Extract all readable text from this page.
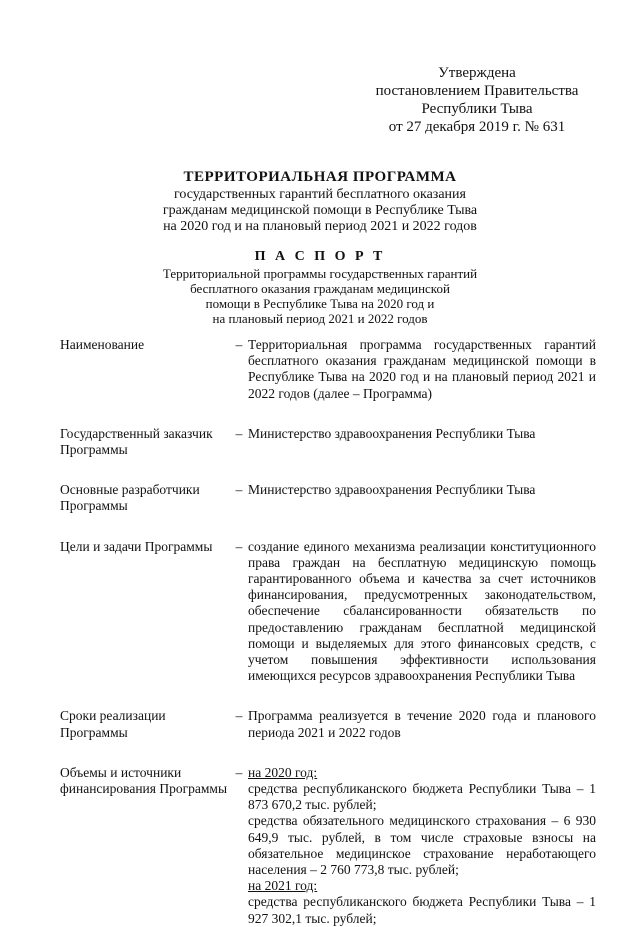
Утверждена
постановлением Правительства
Республики Тыва
от 27 декабря 2019 г. № 631
ТЕРРИТОРИАЛЬНАЯ ПРОГРАММА
государственных гарантий бесплатного оказания
гражданам медицинской помощи в Республике Тыва
на 2020 год и на плановый период 2021 и 2022 годов
П А С П О Р Т
Территориальной программы государственных гарантий
бесплатного оказания гражданам медицинской
помощи в Республике Тыва на 2020 год и
на плановый период 2021 и 2022 годов
Наименование	– Территориальная программа государственных гарантий бесплатного оказания гражданам медицинской помощи в Республике Тыва на 2020 год и на плановый период 2021 и 2022 годов (далее – Программа)
Государственный заказчик Программы
– Министерство здравоохранения Республики Тыва
Основные разработчики Программы
– Министерство здравоохранения Республики Тыва
Цели и задачи Программы	– создание единого механизма реализации конституционного права граждан на бесплатную медицинскую помощь гарантированного объема и качества за счет источников финансирования, предусмотренных законодательством, обеспечение сбалансированности обязательств по предоставлению гражданам бесплатной медицинской помощи и выделяемых для этого финансовых средств, с учетом повышения эффективности использования имеющихся ресурсов здравоохранения Республики Тыва
Сроки реализации Программы
– Программа реализуется в течение 2020 года и планового периода 2021 и 2022 годов
Объемы и источники финансирования Программы
– на 2020 год:
средства республиканского бюджета Республики Тыва – 1 873 670,2 тыс. рублей;
средства обязательного медицинского страхования – 6 930 649,9 тыс. рублей, в том числе страховые взносы на обязательное медицинское страхование неработающего населения – 2 760 773,8 тыс. рублей;
на 2021 год:
средства республиканского бюджета Республики Тыва – 1 927 302,1 тыс. рублей;
